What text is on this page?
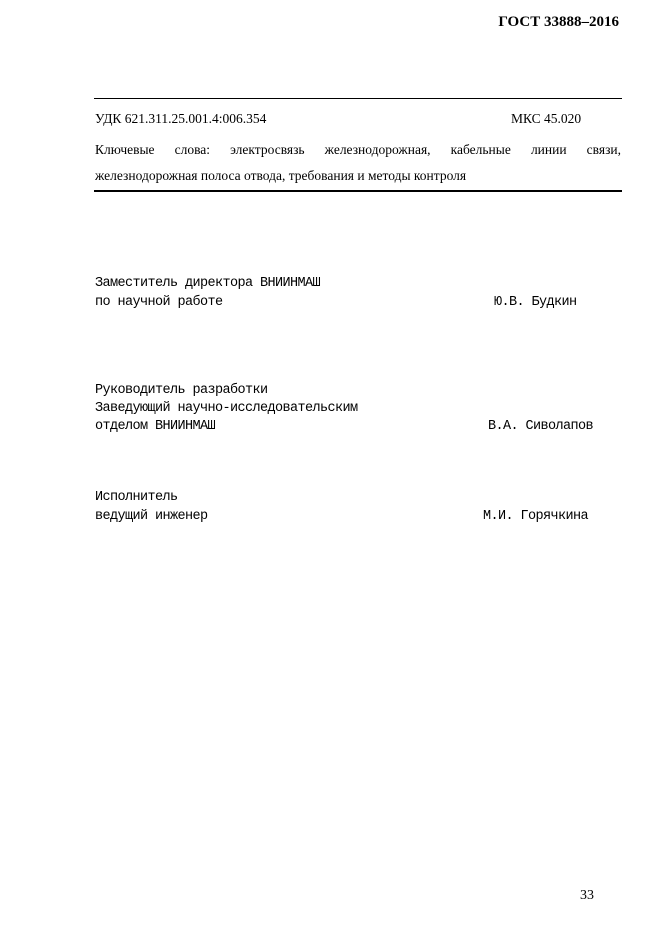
ГОСТ 33888–2016
УДК 621.311.25.001.4:006.354	МКС 45.020
Ключевые слова: электросвязь железнодорожная, кабельные линии связи,
железнодорожная полоса отвода, требования и методы контроля
Заместитель директора ВНИИНМАШ
по научной работе	Ю.В. Будкин
Руководитель разработки
Заведующий научно-исследовательским
отделом ВНИИНМАШ	В.А. Сиволапов
Исполнитель
ведущий инженер	М.И. Горячкина
33
